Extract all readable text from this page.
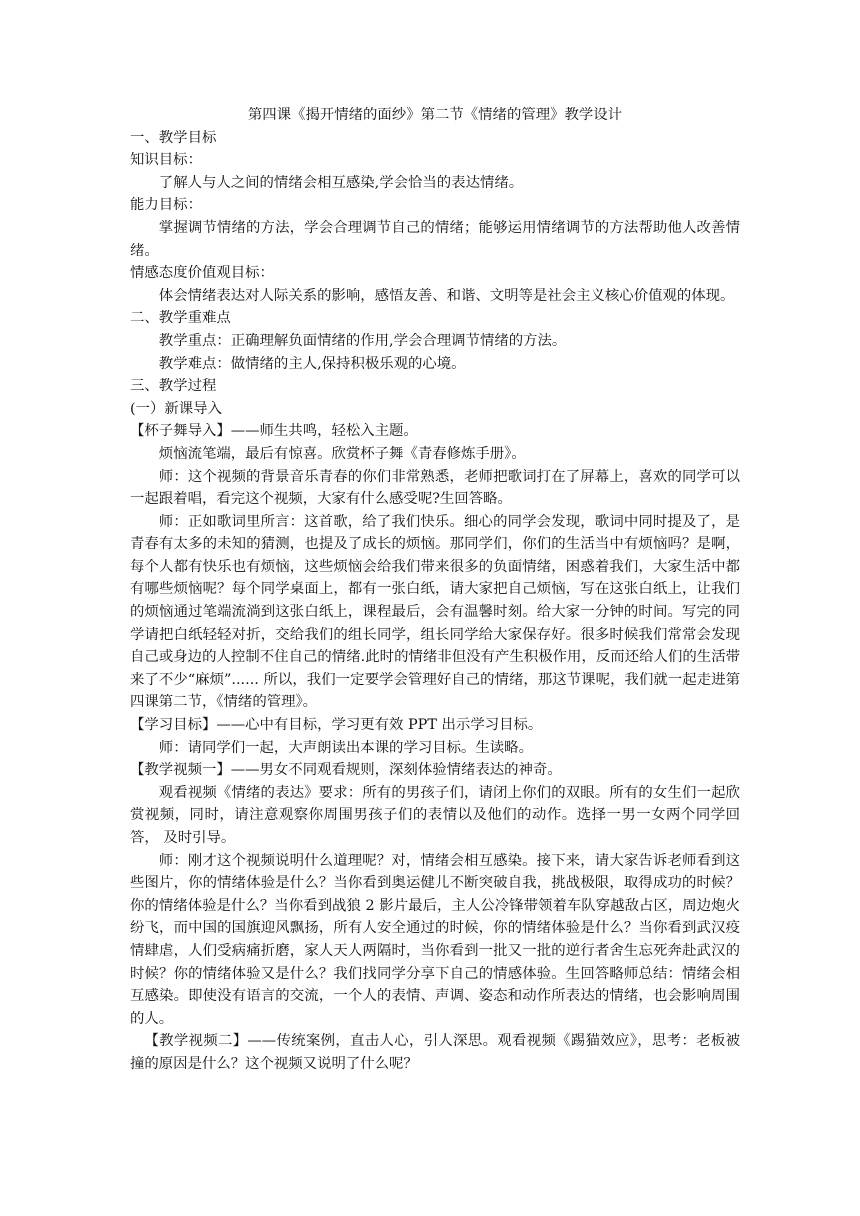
第四课《揭开情绪的面纱》第二节《情绪的管理》教学设计

一、教学目标

知识目标：

了解人与人之间的情绪会相互感染,学会恰当的表达情绪。

能力目标：

掌握调节情绪的方法，学会合理调节自己的情绪；能够运用情绪调节的方法帮助他人改善情绪。

情感态度价值观目标：

体会情绪表达对人际关系的影响，感悟友善、和谐、文明等是社会主义核心价值观的体现。

二、教学重难点

教学重点：正确理解负面情绪的作用,学会合理调节情绪的方法。

教学难点：做情绪的主人,保持积极乐观的心境。

三、教学过程

(一）新课导入

【杯子舞导入】——师生共鸣，轻松入主题。

烦恼流笔端，最后有惊喜。欣赏杯子舞《青春修炼手册》。

师：这个视频的背景音乐青春的你们非常熟悉，老师把歌词打在了屏幕上，喜欢的同学可以一起跟着唱，看完这个视频，大家有什么感受呢?生回答略。

师：正如歌词里所言：这首歌，给了我们快乐。细心的同学会发现，歌词中同时提及了，是青春有太多的未知的猜测，也提及了成长的烦恼。那同学们，你们的生活当中有烦恼吗？是啊，每个人都有快乐也有烦恼，这些烦恼会给我们带来很多的负面情绪，困惑着我们，大家生活中都有哪些烦恼呢？每个同学桌面上，都有一张白纸，请大家把自己烦恼，写在这张白纸上，让我们的烦恼通过笔端流淌到这张白纸上，课程最后，会有温馨时刻。给大家一分钟的时间。写完的同学请把白纸轻轻对折，交给我们的组长同学，组长同学给大家保存好。很多时候我们常常会发现自己或身边的人控制不住自己的情绪.此时的情绪非但没有产生积极作用，反而还给人们的生活带来了不少“麻烦”...... 所以，我们一定要学会管理好自己的情绪，那这节课呢，我们就一起走进第四课第二节，《情绪的管理》。

【学习目标】——心中有目标，学习更有效 PPT 出示学习目标。

师：请同学们一起，大声朗读出本课的学习目标。生读略。

【教学视频一】——男女不同观看规则，深刻体验情绪表达的神奇。

观看视频《情绪的表达》要求：所有的男孩子们，请闭上你们的双眼。所有的女生们一起欣赏视频，同时，请注意观察你周围男孩子们的表情以及他们的动作。选择一男一女两个同学回答， 及时引导。

师：刚才这个视频说明什么道理呢？对，情绪会相互感染。接下来，请大家告诉老师看到这些图片，你的情绪体验是什么？当你看到奥运健儿不断突破自我，挑战极限，取得成功的时候？你的情绪体验是什么？当你看到战狼 2 影片最后，主人公冷锋带领着车队穿越敌占区，周边炮火纷飞，而中国的国旗迎风飘扬，所有人安全通过的时候，你的情绪体验是什么？当你看到武汉疫情肆虐，人们受病痛折磨，家人天人两隔时，当你看到一批又一批的逆行者舍生忘死奔赴武汉的时候？你的情绪体验又是什么？我们找同学分享下自己的情感体验。生回答略师总结：情绪会相互感染。即使没有语言的交流，一个人的表情、声调、姿态和动作所表达的情绪，也会影响周围的人。

【教学视频二】——传统案例，直击人心，引人深思。观看视频《踢猫效应》，思考：老板被撞的原因是什么？这个视频又说明了什么呢？
